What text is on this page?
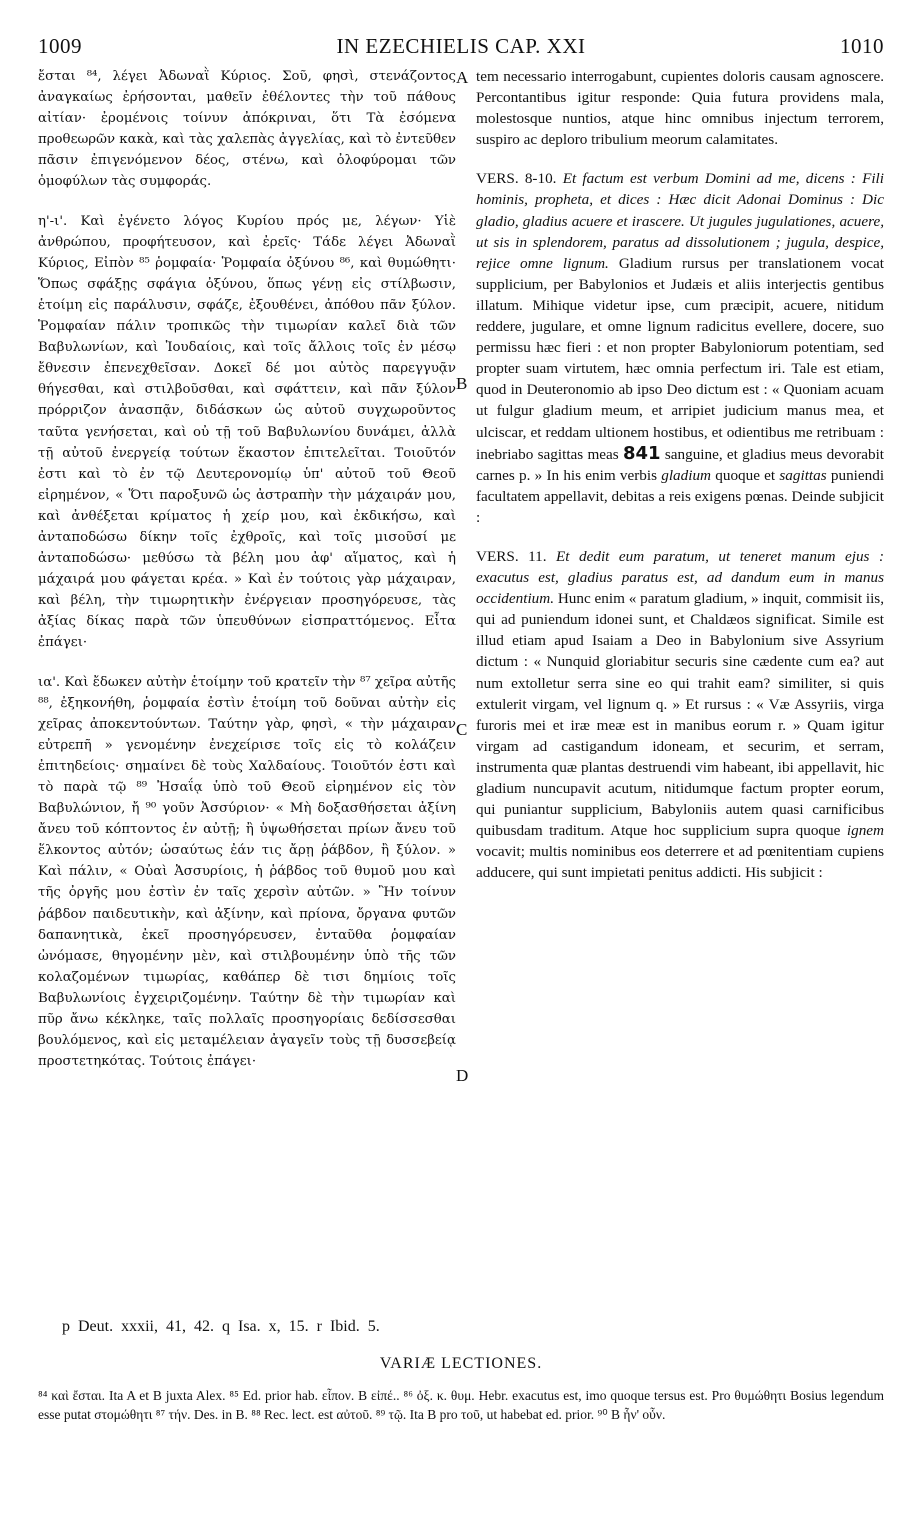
1009	IN EZECHIELIS CAP. XXI	1010

ἔσται ⁸⁴, λέγει Ἀδωναῒ Κύριος. Σοῦ, φησὶ, στενάζοντος ἀναγκαίως ἐρήσονται, μαθεῖν ἐθέλοντες τὴν τοῦ πάθους αἰτίαν· ἐρομένοις τοίνυν ἀπόκριναι, ὅτι Τὰ ἐσόμενα προθεωρῶν κακὰ, καὶ τὰς χαλεπὰς ἀγγελίας, καὶ τὸ ἐντεῦθεν πᾶσιν ἐπιγενόμενον δέος, στένω, καὶ ὀλοφύρομαι τῶν ὁμοφύλων τὰς συμφοράς.

η'-ι'. Καὶ ἐγένετο λόγος Κυρίου πρός με, λέγων· Υἱὲ ἀνθρώπου, προφήτευσον, καὶ ἐρεῖς· Τάδε λέγει Ἀδωναῒ Κύριος, Εἰπὸν ⁸⁵ ῥομφαία· Ῥομφαία ὀξύνου ⁸⁶, καὶ θυμώθητι· Ὅπως σφάξῃς σφάγια ὀξύνου, ὅπως γένῃ εἰς στίλβωσιν, ἑτοίμη εἰς παράλυσιν, σφάζε, ἐξουθένει, ἀπόθου πᾶν ξύλον. Ῥομφαίαν πάλιν τροπικῶς τὴν τιμωρίαν καλεῖ διὰ τῶν Βαβυλωνίων, καὶ Ἰουδαίοις, καὶ τοῖς ἄλλοις τοῖς ἐν μέσῳ ἔθνεσιν ἐπενεχθεῖσαν. Δοκεῖ δέ μοι αὐτὸς παρεγγυᾷν θήγεσθαι, καὶ στιλβοῦσθαι, καὶ σφάττειν, καὶ πᾶν ξύλον πρόρριζον ἀνασπᾷν, διδάσκων ὡς αὐτοῦ συγχωροῦντος ταῦτα γενήσεται, καὶ οὐ τῇ τοῦ Βαβυλωνίου δυνάμει, ἀλλὰ τῇ αὐτοῦ ἐνεργείᾳ τούτων ἕκαστον ἐπιτελεῖται. Τοιοῦτόν ἐστι καὶ τὸ ἐν τῷ Δευτερονομίῳ ὑπ' αὐτοῦ τοῦ Θεοῦ εἰρημένον, « Ὅτι παροξυνῶ ὡς ἀστραπὴν τὴν μάχαιράν μου, καὶ ἀνθέξεται κρίματος ἡ χείρ μου, καὶ ἐκδικήσω, καὶ ἀνταποδώσω δίκην τοῖς ἐχθροῖς, καὶ τοῖς μισοῦσί με ἀνταποδώσω· μεθύσω τὰ βέλη μου ἀφ' αἵματος, καὶ ἡ μάχαιρά μου φάγεται κρέα. » Καὶ ἐν τούτοις γὰρ μάχαιραν, καὶ βέλη, τὴν τιμωρητικὴν ἐνέργειαν προσηγόρευσε, τὰς ἀξίας δίκας παρὰ τῶν ὑπευθύνων εἰσπραττόμενος. Εἶτα ἐπάγει·

ια'. Καὶ ἔδωκεν αὐτὴν ἑτοίμην τοῦ κρατεῖν τὴν ⁸⁷ χεῖρα αὐτῆς ⁸⁸, ἐξηκονήθη, ῥομφαία ἐστὶν ἑτοίμη τοῦ δοῦναι αὐτὴν εἰς χεῖρας ἀποκεντούντων. Ταύτην γὰρ, φησὶ, « τὴν μάχαιραν εὐτρεπῆ » γενομένην ἐνεχείρισε τοῖς εἰς τὸ κολάζειν ἐπιτηδείοις· σημαίνει δὲ τοὺς Χαλδαίους. Τοιοῦτόν ἐστι καὶ τὸ παρὰ τῷ ⁸⁹ Ἠσαΐᾳ ὑπὸ τοῦ Θεοῦ εἰρημένον εἰς τὸν Βαβυλώνιον, ἤ ⁹⁰ γοῦν Ἀσσύριον· « Μὴ δοξασθήσεται ἀξίνη ἄνευ τοῦ κόπτοντος ἐν αὐτῇ; ἢ ὑψωθήσεται πρίων ἄνευ τοῦ ἕλκοντος αὐτόν; ὡσαύτως ἐάν τις ἄρῃ ῥάβδον, ἢ ξύλον. » Καὶ πάλιν, « Οὐαὶ Ἀσσυρίοις, ἡ ῥάβδος τοῦ θυμοῦ μου καὶ τῆς ὀργῆς μου ἐστὶν ἐν ταῖς χερσὶν αὐτῶν. » Ἣν τοίνυν ῥάβδον παιδευτικὴν, καὶ ἀξίνην, καὶ πρίονα, ὄργανα φυτῶν δαπανητικὰ, ἐκεῖ προσηγόρευσεν, ἐνταῦθα ῥομφαίαν ὠνόμασε, θηγομένην μὲν, καὶ στιλβουμένην ὑπὸ τῆς τῶν κολαζομένων τιμωρίας, καθάπερ δὲ τισι δημίοις τοῖς Βαβυλωνίοις ἐγχειριζομένην. Ταύτην δὲ τὴν τιμωρίαν καὶ πῦρ ἄνω κέκληκε, ταῖς πολλαῖς προσηγορίαις δεδίσσεσθαι βουλόμενος, καὶ εἰς μεταμέλειαν ἀγαγεῖν τοὺς τῇ δυσσεβείᾳ προστετηκότας. Τούτοις ἐπάγει·

tem necessario interrogabunt, cupientes doloris causam agnoscere. Percontantibus igitur responde: Quia futura providens mala, molestosque nuntios, atque hinc omnibus injectum terrorem, suspiro ac deploro tribulium meorum calamitates.

VERS. 8-10. Et factum est verbum Domini ad me, dicens : Fili hominis, propheta, et dices : Hæc dicit Adonai Dominus : Dic gladio, gladius acuere et irascere. Ut jugules jugulationes, acuere, ut sis in splendorem, paratus ad dissolutionem ; jugula, despice, rejice omne lignum. Gladium rursus per translationem vocat supplicium, per Babylonios et Judæis et aliis interjectis gentibus illatum. Mihique videtur ipse, cum præcipit, acuere, nitidum reddere, jugulare, et omne lignum radicitus evellere, docere, suo permissu hæc fieri : et non propter Babyloniorum potentiam, sed propter suam virtutem, hæc omnia perfectum iri. Tale est etiam, quod in Deuteronomio ab ipso Deo dictum est : « Quoniam acuam ut fulgur gladium meum, et arripiet judicium manus mea, et ulciscar, et reddam ultionem hostibus, et odientibus me retribuam : inebriabo sagittas meas 841 sanguine, et gladius meus devorabit carnes p. » In his enim verbis gladium quoque et sagittas puniendi facultatem appellavit, debitas a reis exigens pœnas. Deinde subjicit :

VERS. 11. Et dedit eum paratum, ut teneret manum ejus : exacutus est, gladius paratus est, ad dandum eum in manus occidentium. Hunc enim « paratum gladium, » inquit, commisit iis, qui ad puniendum idonei sunt, et Chaldæos significat. Simile est illud etiam apud Isaiam a Deo in Babylonium sive Assyrium dictum : « Nunquid gloriabitur securis sine cædente cum ea? aut num extolletur serra sine eo qui trahit eam? similiter, si quis extulerit virgam, vel lignum q. » Et rursus : « Væ Assyriis, virga furoris mei et iræ meæ est in manibus eorum r. » Quam igitur virgam ad castigandum idoneam, et securim, et serram, instrumenta quæ plantas destruendi vim habeant, ibi appellavit, hic gladium nuncupavit acutum, nitidumque factum propter eorum, qui puniantur supplicium, Babyloniis autem quasi carnificibus quibusdam traditum. Atque hoc supplicium supra quoque ignem vocavit; multis nominibus eos deterrere et ad pœnitentiam cupiens adducere, qui sunt impietati penitus addicti. His subjicit :

A
B
C
D
p Deut. xxxii, 41, 42. q Isa. x, 15. r Ibid. 5.
VARIÆ LECTIONES.

⁸⁴ καὶ ἔσται. Ita A et B juxta Alex. ⁸⁵ Ed. prior hab. εἶπον. B εἰπέ.. ⁸⁶ ὀξ. κ. θυμ. Hebr. exacutus est, imo quoque tersus est. Pro θυμώθητι Bosius legendum esse putat στομώθητι ⁸⁷ τήν. Des. in B. ⁸⁸ Rec. lect. est αὐτοῦ. ⁸⁹ τῷ. Ita B pro τοῦ, ut habebat ed. prior. ⁹⁰ B ἦν' οὖν.
